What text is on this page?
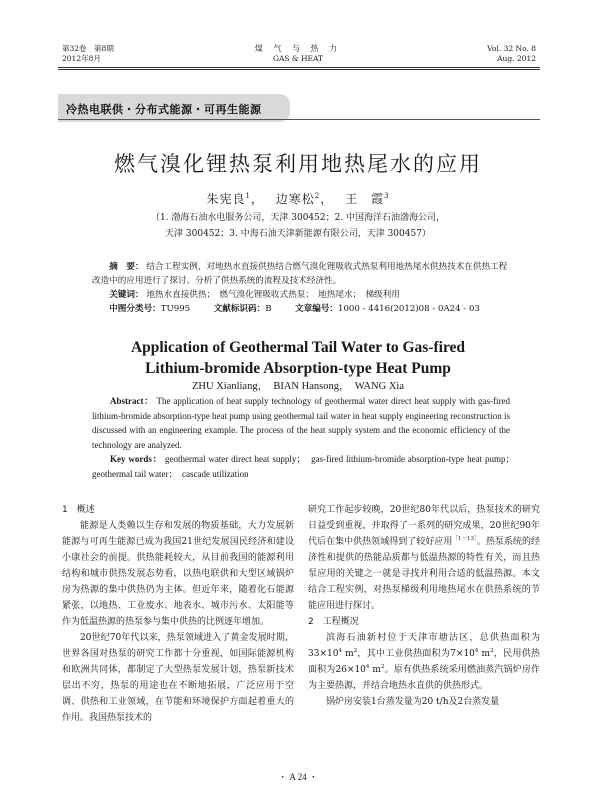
第32卷　第8期
2012年8月
煤 气 与 热 力
GAS & HEAT
Vol. 32 No. 8
Aug. 2012
冷热电联供・分布式能源・可再生能源
燃气溴化锂热泵利用地热尾水的应用
朱宪良$^1$，　 边寒松$^2$，　 王　霞$^3$
（1. 渤海石油水电服务公司，天津 300452；2. 中国海洋石油渤海公司，
天津 300452；3. 中海石油天津新能源有限公司，天津 300457）
摘　要： 结合工程实例，对地热水直接供热结合燃气溴化锂吸收式热泵利用地热尾水供热技术在供热工程改造中的应用进行了探讨。分析了供热系统的流程及技术经济性。
关键词： 地热水直接供热；　燃气溴化锂吸收式热泵；　地热尾水；　梯级利用
中图分类号：TU995	文献标识码：B	文章编号：1000 - 4416(2012)08 - 0A24 - 03
Application of Geothermal Tail Water to Gas-fired
Lithium-bromide Absorption-type Heat Pump
ZHU Xianliang，　BIAN Hansong，　WANG Xia
Abstract： The application of heat supply technology of geothermal water direct heat supply with gas-fired lithium-bromide absorption-type heat pump using geothermal tail water in heat supply engineering reconstruction is discussed with an engineering example. The process of the heat supply system and the economic efficiency of the technology are analyzed.
Key words： geothermal water direct heat supply；　gas-fired lithium-bromide absorption-type heat pump；　geothermal tail water；　cascade utilization

1　概述

能源是人类赖以生存和发展的物质基础，大力发展新能源与可再生能源已成为我国21世纪发展国民经济和建设小康社会的前提。供热能耗较大，从目前我国的能源利用结构和城市供热发展态势看，以热电联供和大型区域锅炉房为热源的集中供热仍为主体。但近年来，随着化石能源紧张，以地热、工业废水、地表水、城市污水、太阳能等作为低温热源的热泵参与集中供热的比例逐年增加。

20世纪70年代以来，热泵领域进入了黄金发展时期，世界各国对热泵的研究工作都十分重视，如国际能源机构和欧洲共同体，都制定了大型热泵发展计划，热泵新技术层出不穷，热泵的用途也在不断地拓展，广泛应用于空调、供热和工业领域，在节能和环境保护方面起着重大的作用。我国热泵技术的

研究工作起步较晚，20世纪80年代以后，热泵技术的研究日益受到重视，并取得了一系列的研究成果，20世纪90年代后在集中供热领域得到了较好应用$^{[1\sim 13]}$。热泵系统的经济性和提供的热能品质都与低温热源的特性有关，而且热泵应用的关键之一就是寻找并利用合适的低温热源。本文结合工程实例，对热泵梯级利用地热尾水在供热系统的节能应用进行探讨。

2　工程概况

滨海石油新村位于天津市塘沽区，总供热面积为$33\times 10^4$ $m^2$，其中工业供热面积为$7\times 10^4$ $m^2$，民用供热面积为$26\times 10^4$ $m^2$。原有供热系统采用燃油蒸汽锅炉房作为主要热源，并结合地热水直供的供热形式。

锅炉房安装1台蒸发量为20 t/h及2台蒸发量

・ A 24 ・
